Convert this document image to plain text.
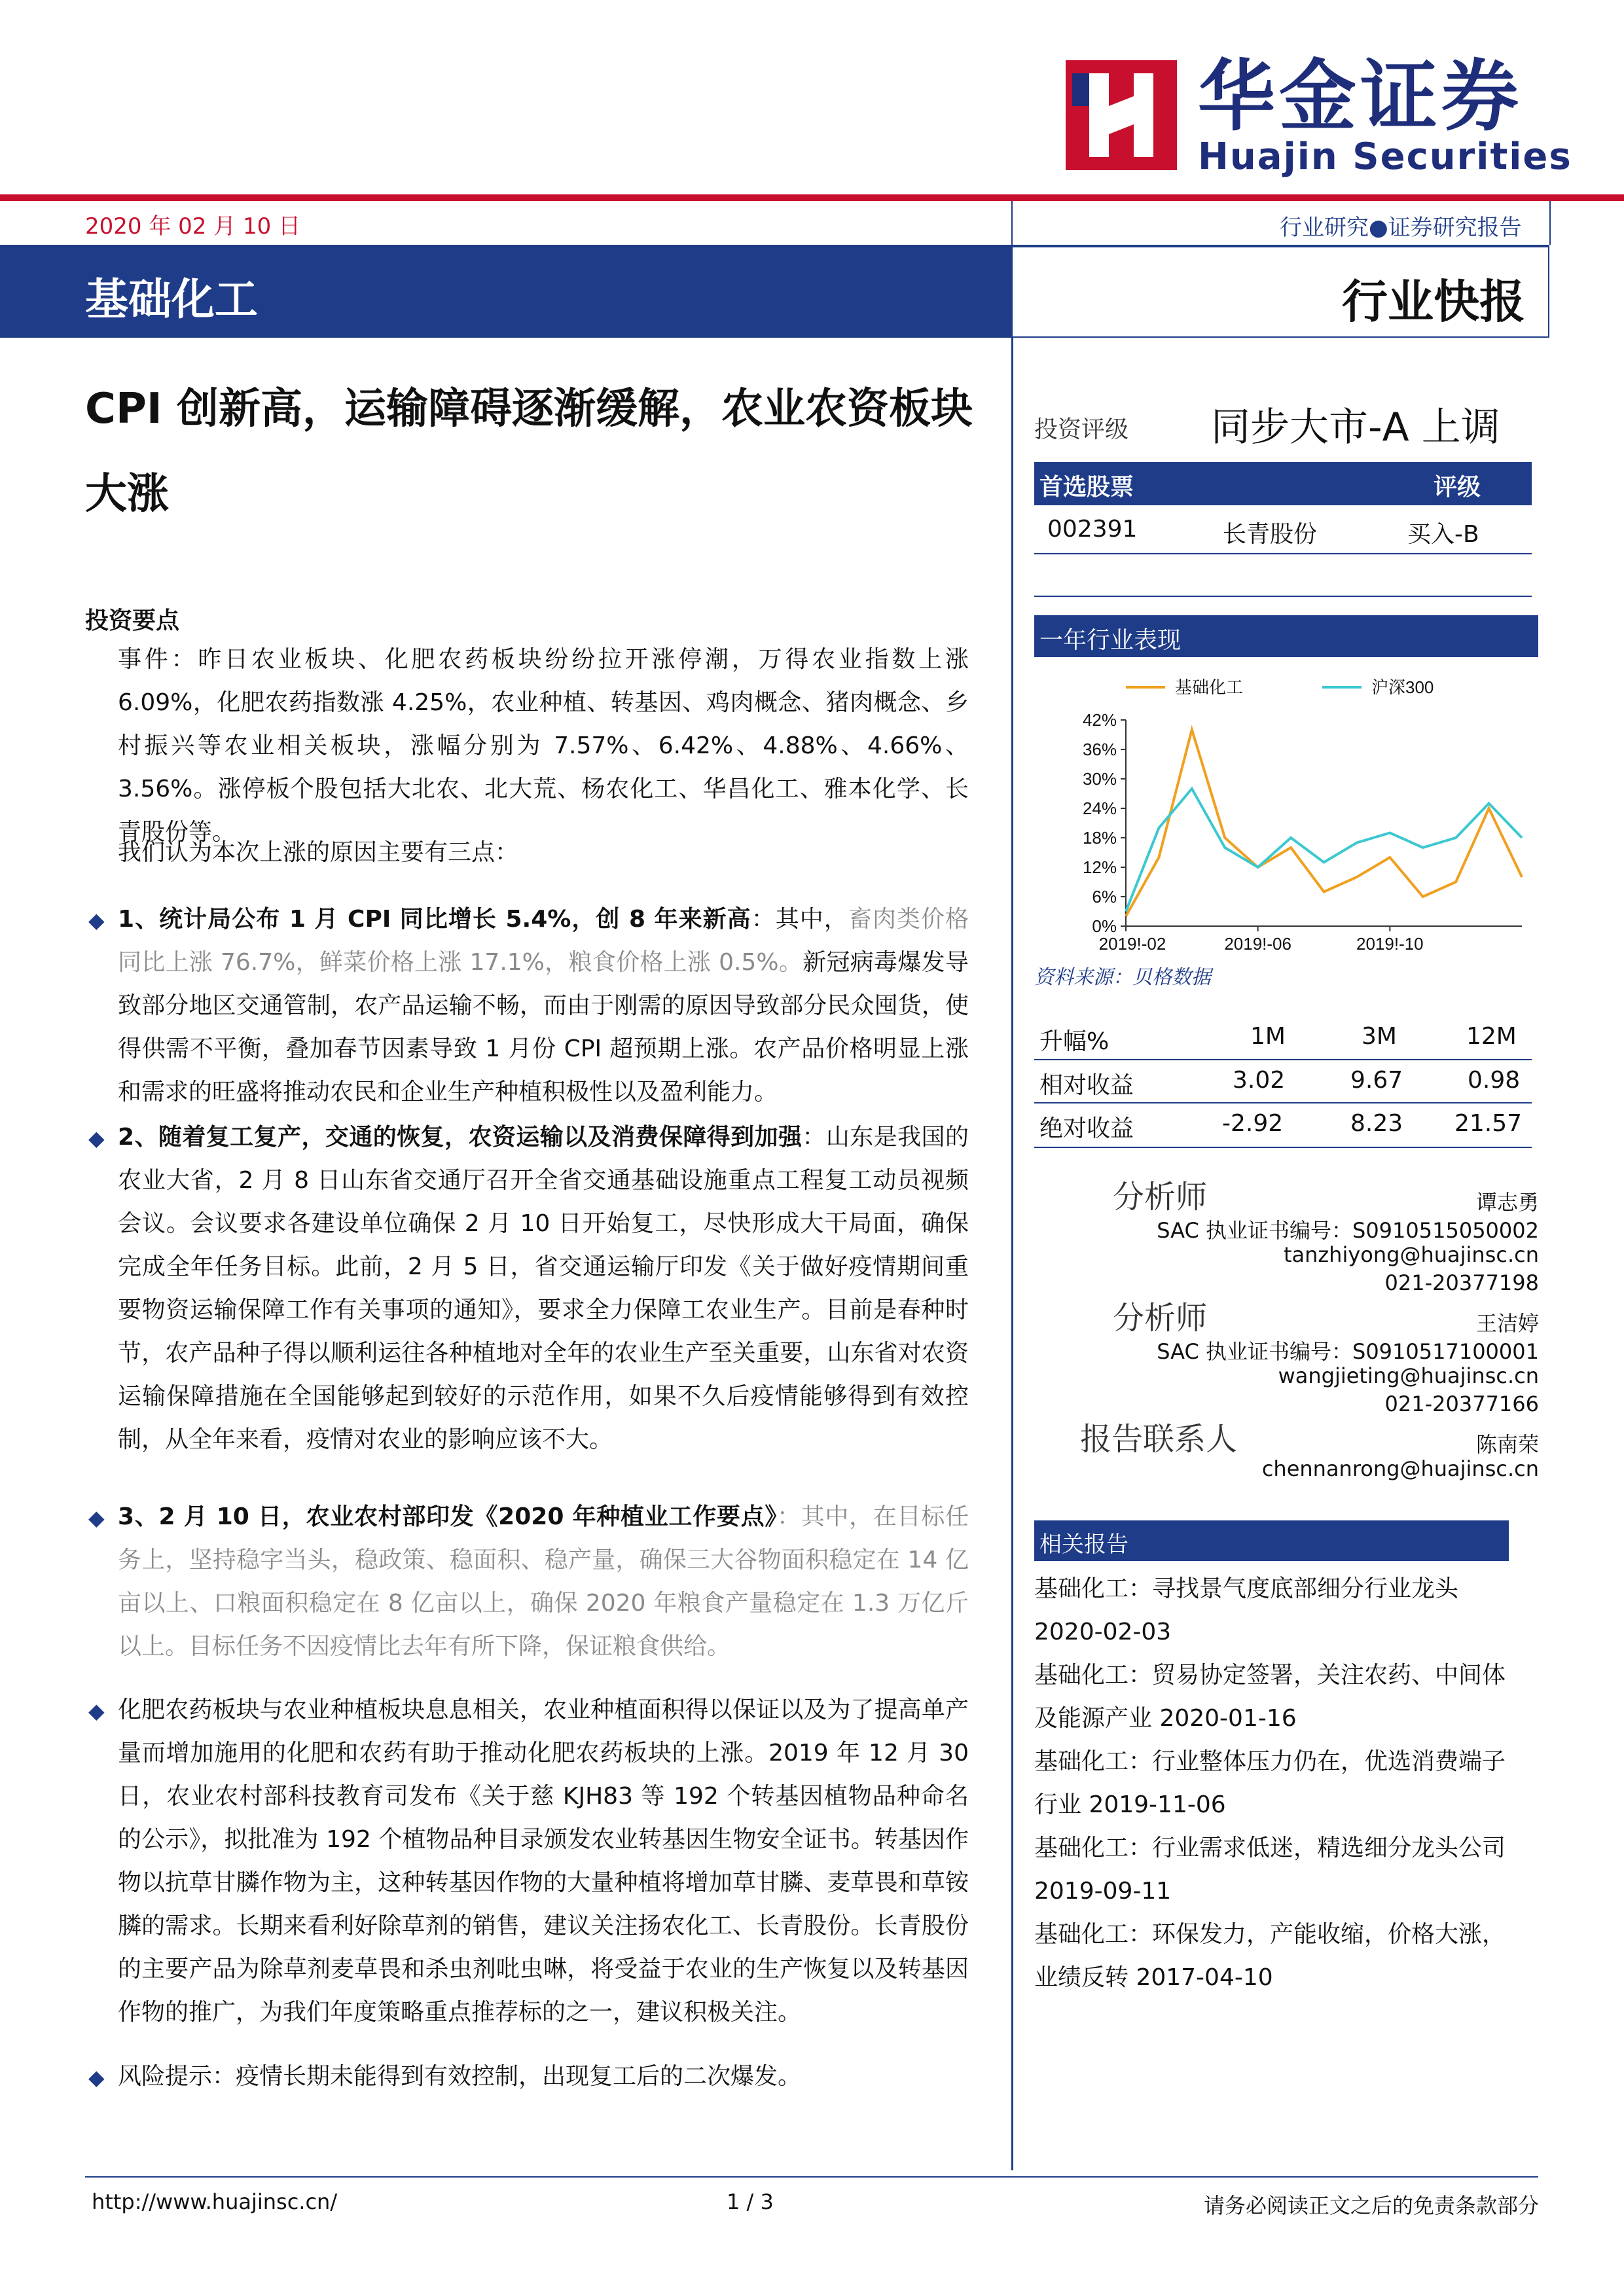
华金证券
Huajin Securities
2020 年 02 月 10 日	行业研究●证券研究报告
基础化工	行业快报
CPI 创新高，运输障碍逐渐缓解，农业农资板块大涨
投资要点
事件：昨日农业板块、化肥农药板块纷纷拉开涨停潮，万得农业指数上涨 6.09%，化肥农药指数涨 4.25%，农业种植、转基因、鸡肉概念、猪肉概念、乡村振兴等农业相关板块，涨幅分别为 7.57%、6.42%、4.88%、4.66%、3.56%。涨停板个股包括大北农、北大荒、杨农化工、华昌化工、雅本化学、长青股份等。
我们认为本次上涨的原因主要有三点：
◆ 1、统计局公布 1 月 CPI 同比增长 5.4%，创 8 年来新高：其中，畜肉类价格同比上涨 76.7%，鲜菜价格上涨 17.1%，粮食价格上涨 0.5%。新冠病毒爆发导致部分地区交通管制，农产品运输不畅，而由于刚需的原因导致部分民众囤货，使得供需不平衡，叠加春节因素导致 1 月份 CPI 超预期上涨。农产品价格明显上涨和需求的旺盛将推动农民和企业生产种植积极性以及盈利能力。
◆ 2、随着复工复产，交通的恢复，农资运输以及消费保障得到加强：山东是我国的农业大省，2 月 8 日山东省交通厅召开全省交通基础设施重点工程复工动员视频会议。会议要求各建设单位确保 2 月 10 日开始复工，尽快形成大干局面，确保完成全年任务目标。此前，2 月 5 日，省交通运输厅印发《关于做好疫情期间重要物资运输保障工作有关事项的通知》，要求全力保障工农业生产。目前是春种时节，农产品种子得以顺利运往各种植地对全年的农业生产至关重要，山东省对农资运输保障措施在全国能够起到较好的示范作用，如果不久后疫情能够得到有效控制，从全年来看，疫情对农业的影响应该不大。
◆ 3、2 月 10 日，农业农村部印发《2020 年种植业工作要点》：其中，在目标任务上，坚持稳字当头，稳政策、稳面积、稳产量，确保三大谷物面积稳定在 14 亿亩以上、口粮面积稳定在 8 亿亩以上，确保 2020 年粮食产量稳定在 1.3 万亿斤以上。目标任务不因疫情比去年有所下降，保证粮食供给。
◆ 化肥农药板块与农业种植板块息息相关，农业种植面积得以保证以及为了提高单产量而增加施用的化肥和农药有助于推动化肥农药板块的上涨。2019 年 12 月 30 日，农业农村部科技教育司发布《关于慈 KJH83 等 192 个转基因植物品种命名的公示》，拟批准为 192 个植物品种目录颁发农业转基因生物安全证书。转基因作物以抗草甘膦作物为主，这种转基因作物的大量种植将增加草甘膦、麦草畏和草铵膦的需求。长期来看利好除草剂的销售，建议关注扬农化工、长青股份。长青股份的主要产品为除草剂麦草畏和杀虫剂吡虫啉，将受益于农业的生产恢复以及转基因作物的推广，为我们年度策略重点推荐标的之一，建议积极关注。
◆ 风险提示：疫情长期未能得到有效控制，出现复工后的二次爆发。
投资评级 同步大市-A 上调
首选股票	评级
002391	长青股份	买入-B
一年行业表现
42%
36%
30%
24%
18%
12%
6%
0%
2019!-02	2019!-06	2019!-10
基础化工	沪深300
资料来源：贝格数据
升幅%	1M	3M	12M
相对收益	3.02	9.67	0.98
绝对收益	-2.92	8.23 21.57
分析师	谭志勇
SAC 执业证书编号：S0910515050002
tanzhiyong@huajinsc.cn
021-20377198
分析师	王洁婷
SAC 执业证书编号：S0910517100001
wangjieting@huajinsc.cn
021-20377166
报告联系人	陈南荣
chennanrong@huajinsc.cn
相关报告
基础化工：寻找景气度底部细分行业龙头 2020-02-03
基础化工：贸易协定签署，关注农药、中间体及能源产业 2020-01-16
基础化工：行业整体压力仍在，优选消费端子行业 2019-11-06
基础化工：行业需求低迷，精选细分龙头公司 2019-09-11
基础化工：环保发力，产能收缩，价格大涨，业绩反转 2017-04-10
http://www.huajinsc.cn/	1 / 3	请务必阅读正文之后的免责条款部分
